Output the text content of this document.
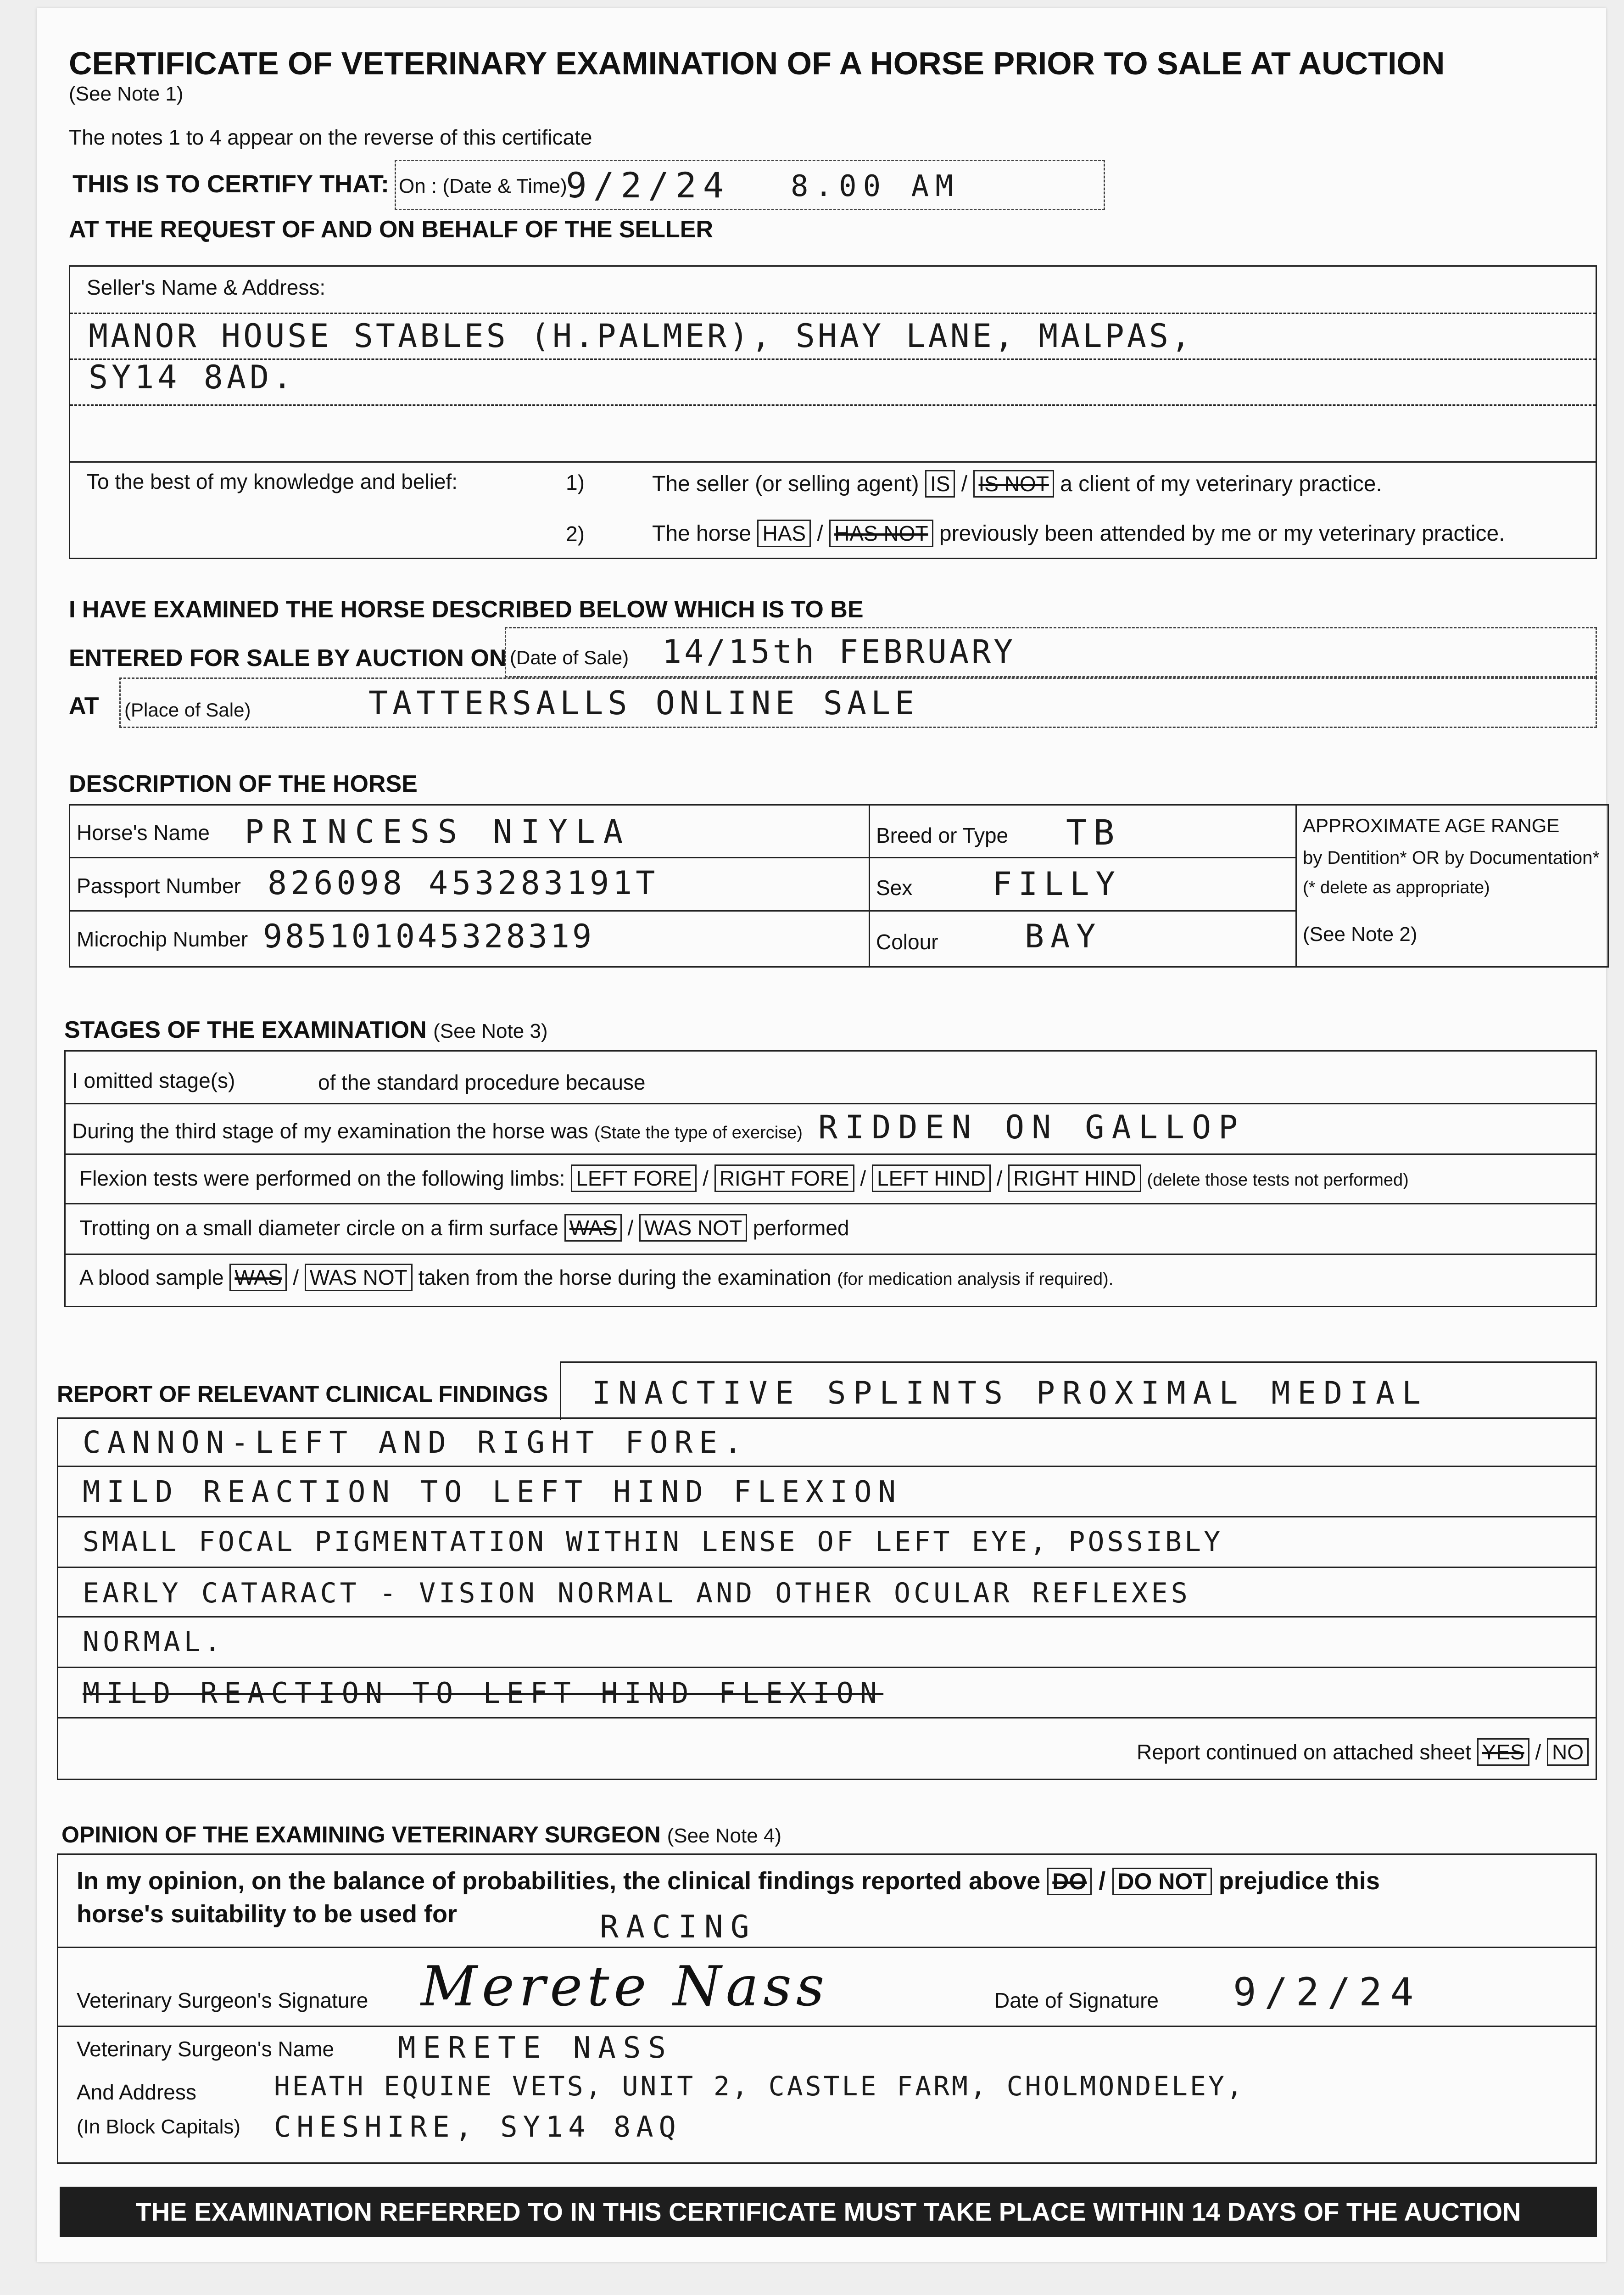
CERTIFICATE OF VETERINARY EXAMINATION OF A HORSE PRIOR TO SALE AT AUCTION
(See Note 1)
The notes 1 to 4 appear on the reverse of this certificate
THIS IS TO CERTIFY THAT: On : (Date & Time)
9/2/24 8.00 AM
AT THE REQUEST OF AND ON BEHALF OF THE SELLER
Seller's Name & Address:
MANOR HOUSE STABLES (H.PALMER), SHAY LANE, MALPAS,
SY14 8AD.
To the best of my knowledge and belief:	1)	The seller (or selling agent) IS / IS NOT a client of my veterinary practice.
2)	The horse HAS / HAS NOT previously been attended by me or my veterinary practice.
I HAVE EXAMINED THE HORSE DESCRIBED BELOW WHICH IS TO BE
ENTERED FOR SALE BY AUCTION ON (Date of Sale) 14/15th FEBRUARY
AT (Place of Sale)	TATTERSALLS ONLINE SALE
DESCRIPTION OF THE HORSE
Horse's Name PRINCESS NIYLA
Passport Number 826098 453283191T
Microchip Number 985101045328319
Breed or Type TB
Sex FILLY
Colour	BAY
APPROXIMATE AGE RANGE
by Dentition* OR by Documentation*
(* delete as appropriate)
(See Note 2)
STAGES OF THE EXAMINATION (See Note 3)
I omitted stage(s)	of the standard procedure because
During the third stage of my examination the horse was (State the type of exercise) RIDDEN ON GALLOP
Flexion tests were performed on the following limbs: LEFT FORE / RIGHT FORE / LEFT HIND / RIGHT HIND (delete those tests not performed)
Trotting on a small diameter circle on a firm surface WAS / WAS NOT performed
A blood sample WAS / WAS NOT taken from the horse during the examination (for medication analysis if required).
REPORT OF RELEVANT CLINICAL FINDINGS
Report continued on attached sheet YES / NO
INACTIVE SPLINTS PROXIMAL MEDIAL
CANNON-LEFT AND RIGHT FORE.
MILD REACTION TO LEFT HIND FLEXION
SMALL FOCAL PIGMENTATION WITHIN LENSE OF LEFT EYE, POSSIBLY
EARLY CATARACT - VISION NORMAL AND OTHER OCULAR REFLEXES
NORMAL.
MILD REACTION TO LEFT HIND FLEXION
OPINION OF THE EXAMINING VETERINARY SURGEON (See Note 4)
In my opinion, on the balance of probabilities, the clinical findings reported above DO / DO NOT prejudice this
horse's suitability to be used for	RACING
Veterinary Surgeon's Signature Merete Nass	Date of Signature 9/2/24
Veterinary Surgeon's Name MERETE NASS
And Address	HEATH EQUINE VETS, UNIT 2, CASTLE FARM, CHOLMONDELEY,
(In Block Capitals) CHESHIRE, SY14 8AQ
THE EXAMINATION REFERRED TO IN THIS CERTIFICATE MUST TAKE PLACE WITHIN 14 DAYS OF THE AUCTION
